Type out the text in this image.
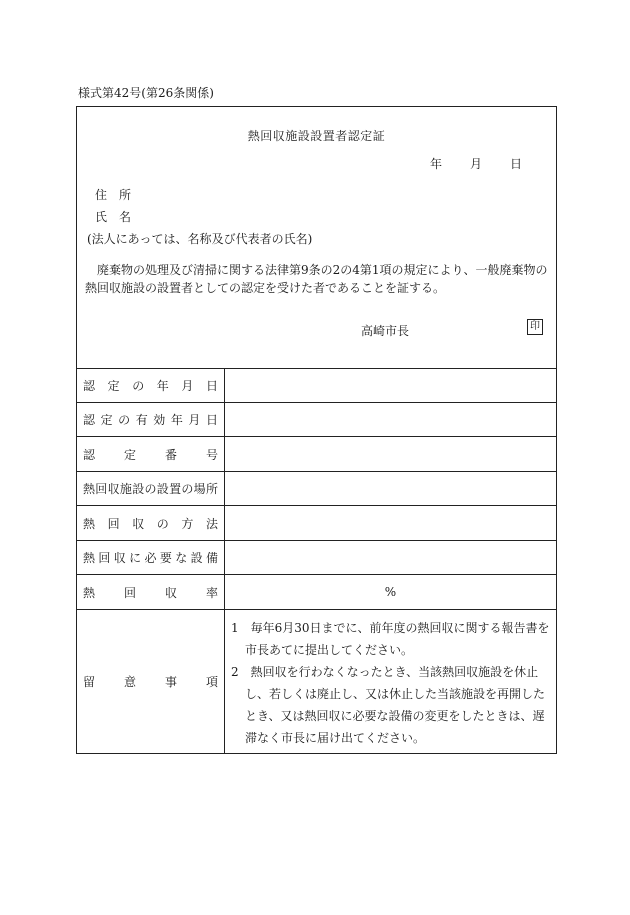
様式第42号(第26条関係)
熱回収施設設置者認定証
年 月 日
住　所
氏　名
(法人にあっては、名称及び代表者の氏名)
廃棄物の処理及び清掃に関する法律第9条の2の4第1項の規定により、一般廃棄物の熱回収施設の設置者としての認定を受けた者であることを証する。
高崎市長	印
認定の年月日
認定の有効年月日
認定番号
熱回収施設の設置の場所
熱回収の方法
熱回収に必要な設備
熱回収率	%
留意事項
1　毎年6月30日までに、前年度の熱回収に関する報告書を市長あてに提出してください。
2　熱回収を行わなくなったとき、当該熱回収施設を休止し、若しくは廃止し、又は休止した当該施設を再開したとき、又は熱回収に必要な設備の変更をしたときは、遅滞なく市長に届け出てください。
